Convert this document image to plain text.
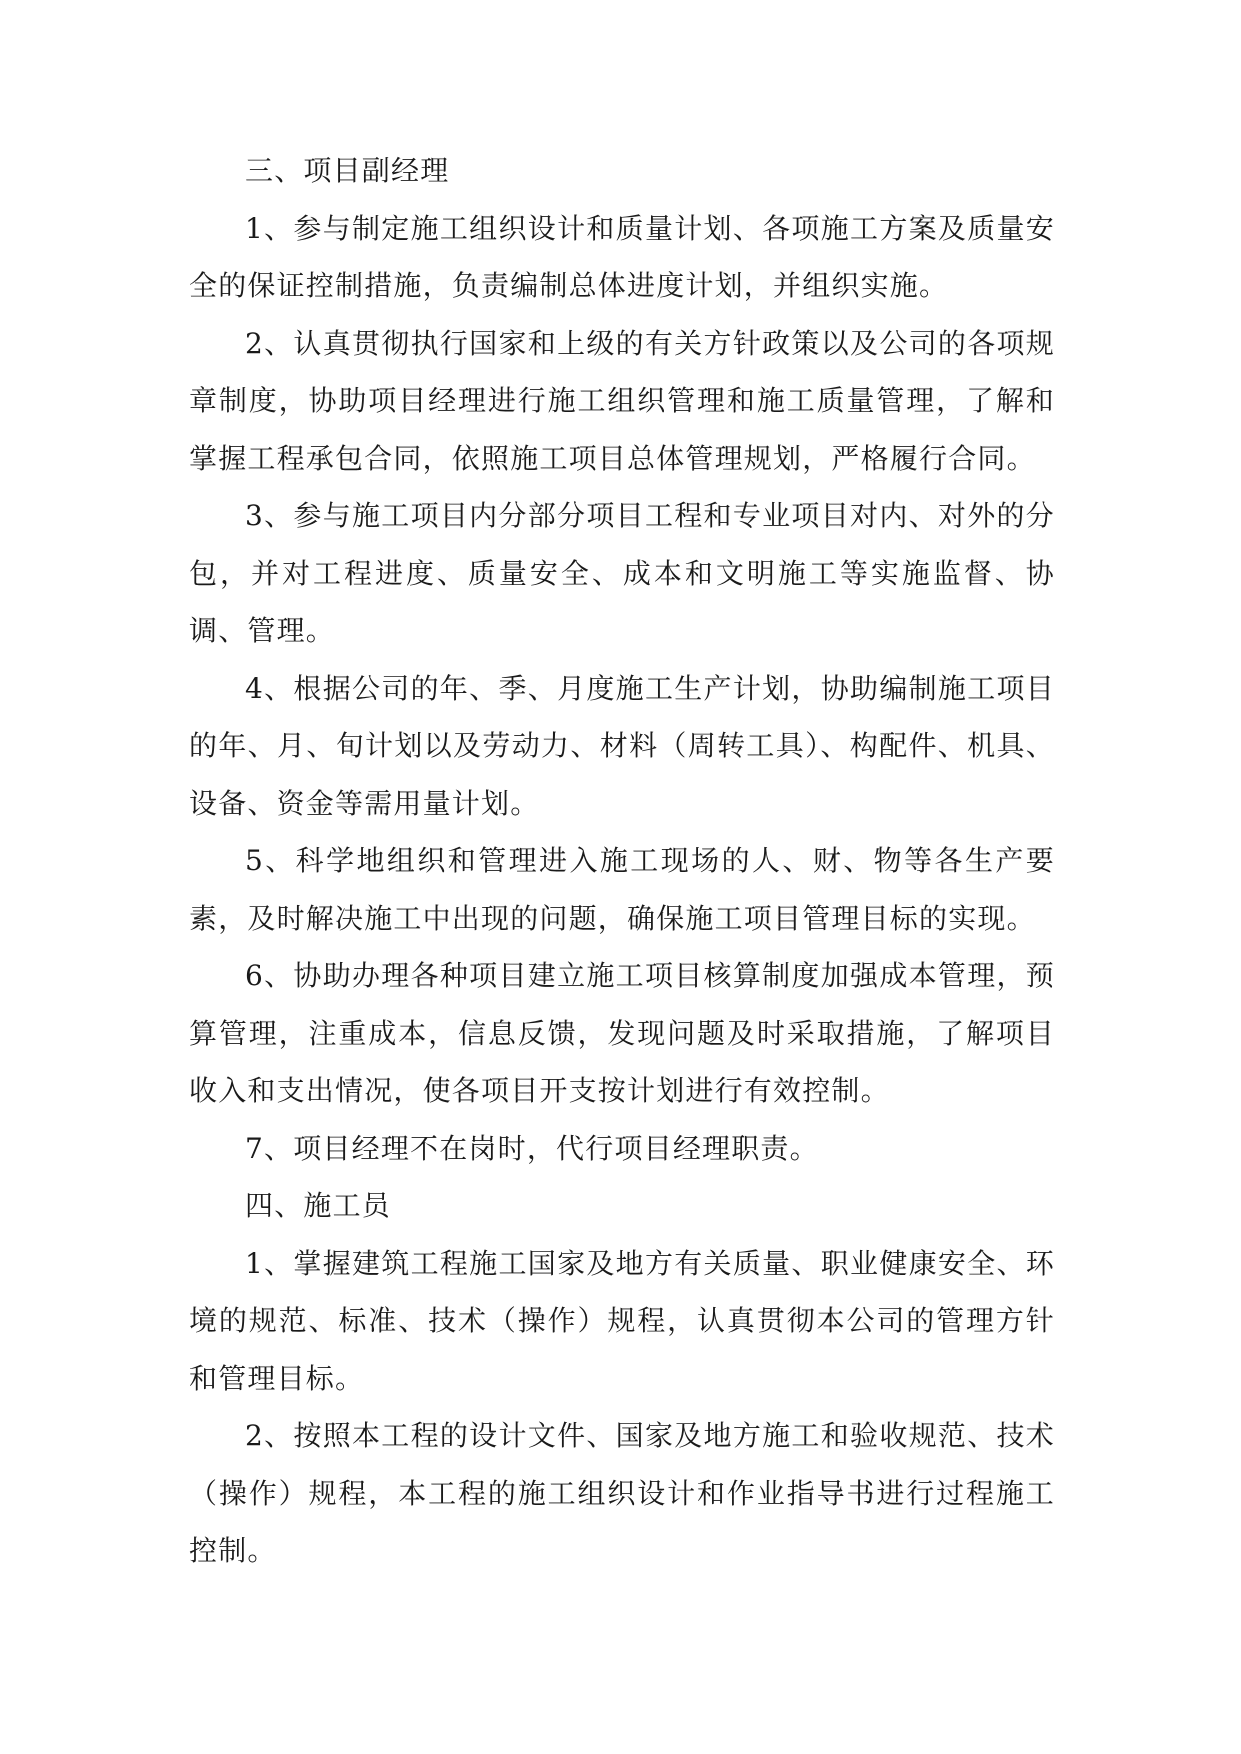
三、项目副经理

1、参与制定施工组织设计和质量计划、各项施工方案及质量安全的保证控制措施，负责编制总体进度计划，并组织实施。

2、认真贯彻执行国家和上级的有关方针政策以及公司的各项规章制度，协助项目经理进行施工组织管理和施工质量管理，了解和掌握工程承包合同，依照施工项目总体管理规划，严格履行合同。

3、参与施工项目内分部分项目工程和专业项目对内、对外的分包，并对工程进度、质量安全、成本和文明施工等实施监督、协调、管理。

4、根据公司的年、季、月度施工生产计划，协助编制施工项目的年、月、旬计划以及劳动力、材料（周转工具）、构配件、机具、设备、资金等需用量计划。

5、科学地组织和管理进入施工现场的人、财、物等各生产要素，及时解决施工中出现的问题，确保施工项目管理目标的实现。

6、协助办理各种项目建立施工项目核算制度加强成本管理，预算管理，注重成本，信息反馈，发现问题及时采取措施，了解项目收入和支出情况，使各项目开支按计划进行有效控制。

7、项目经理不在岗时，代行项目经理职责。

四、施工员

1、掌握建筑工程施工国家及地方有关质量、职业健康安全、环境的规范、标准、技术（操作）规程，认真贯彻本公司的管理方针和管理目标。

2、按照本工程的设计文件、国家及地方施工和验收规范、技术（操作）规程，本工程的施工组织设计和作业指导书进行过程施工控制。
